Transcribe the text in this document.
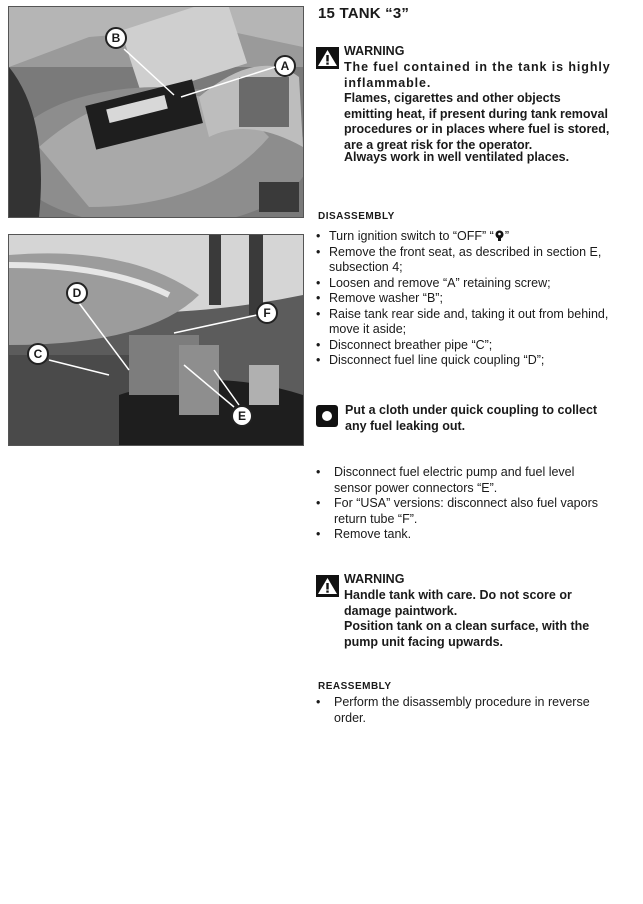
B
A
D
F
C
E
15 TANK “3”
WARNING
The fuel contained in the tank is highly inflammable.
Flames, cigarettes and other objects emitting heat, if present during tank removal procedures or in places where fuel is stored, are a great risk for the operator.
Always work in well ventilated places.
DISASSEMBLY
• Turn ignition switch to “OFF” “ ”
• Remove the front seat, as described in section E, subsection 4;
• Loosen and remove “A” retaining screw;
• Remove washer “B”;
• Raise tank rear side and, taking it out from behind, move it aside;
• Disconnect breather pipe “C”;
• Disconnect fuel line quick coupling “D”;
Put a cloth under quick coupling to collect any fuel leaking out.
• Disconnect fuel electric pump and fuel level sensor power connectors “E”.
• For “USA” versions: disconnect also fuel vapors return tube “F”.
• Remove tank.
WARNING
Handle tank with care. Do not score or damage paintwork.
Position tank on a clean surface, with the pump unit facing upwards.
REASSEMBLY
• Perform the disassembly procedure in reverse order.
